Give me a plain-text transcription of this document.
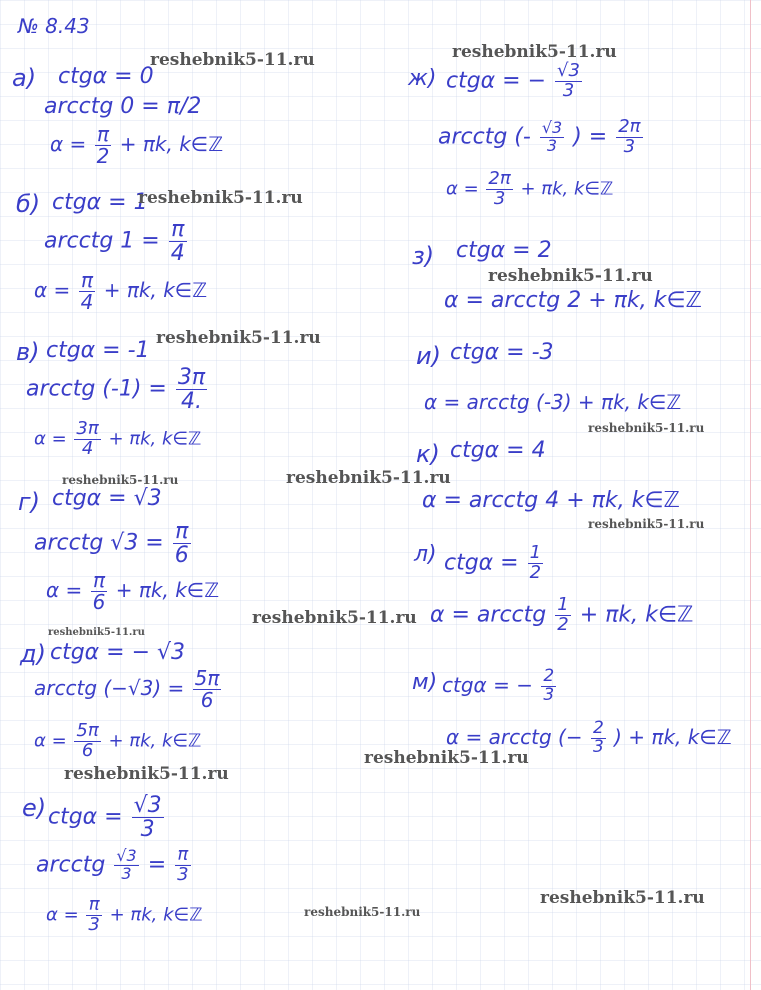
№ 8.43
а) ctgα = 0
arcctg 0 = π/2
$\alpha = \frac{\pi}{2} + \pi k$, k∈ℤ
б) ctgα = 1
arcctg $1 = \frac{\pi}{4}$
$\alpha = \frac{\pi}{4} + \pi k$, k∈ℤ
в) ctgα = -1
arcctg $(-1) = \frac{3\pi}{4.}$
$\alpha = \frac{3\pi}{4} + \pi k$, k∈ℤ
г) ctgα = √3
arcctg $√3 = \frac{\pi}{6}$
$\alpha = \frac{\pi}{6} + \pi k$, k∈ℤ
д) ctgα = − √3
arcctg $(-√3) = \frac{5\pi}{6}$
$\alpha = \frac{5\pi}{6} + \pi k$, k∈ℤ
е) $ctg\alpha = \frac{√3}{3}$
arcctg $\frac{√3}{3} = \frac{\pi}{3}$
$\alpha = \frac{\pi}{3} + \pi k$, k∈ℤ
ж) ctgα = − $\frac{√3}{3}$
arcctg (- $\frac{√3}{3}$ ) = $\frac{2\pi}{3}$
$\alpha = \frac{2\pi}{3} + \pi k$, k∈ℤ
з) ctgα = 2
α = arcctg 2 + πk, k∈ℤ
и) ctgα = -3
α = arcctg (-3) + πk, k∈ℤ
к) ctgα = 4
α = arcctg 4 + πk, k∈ℤ
л) $ctg\alpha = \frac{1}{2}$
α = arcctg $\frac{1}{2} + \pi k$, k∈ℤ
м) ctgα = − $\frac{2}{3}$
α = arcctg (− $\frac{2}{3}$ ) + πk, k∈ℤ
reshebnik5-11.ru	reshebnik5-11.ru
reshebnik5-11.ru
reshebnik5-11.ru
reshebnik5-11.ru
reshebnik5-11.ru
reshebnik5-11.ru	reshebnik5-11.ru
reshebnik5-11.ru
reshebnik5-11.ru
reshebnik5-11.ru
reshebnik5-11.ru
reshebnik5-11.ru
reshebnik5-11.ru
reshebnik5-11.ru
